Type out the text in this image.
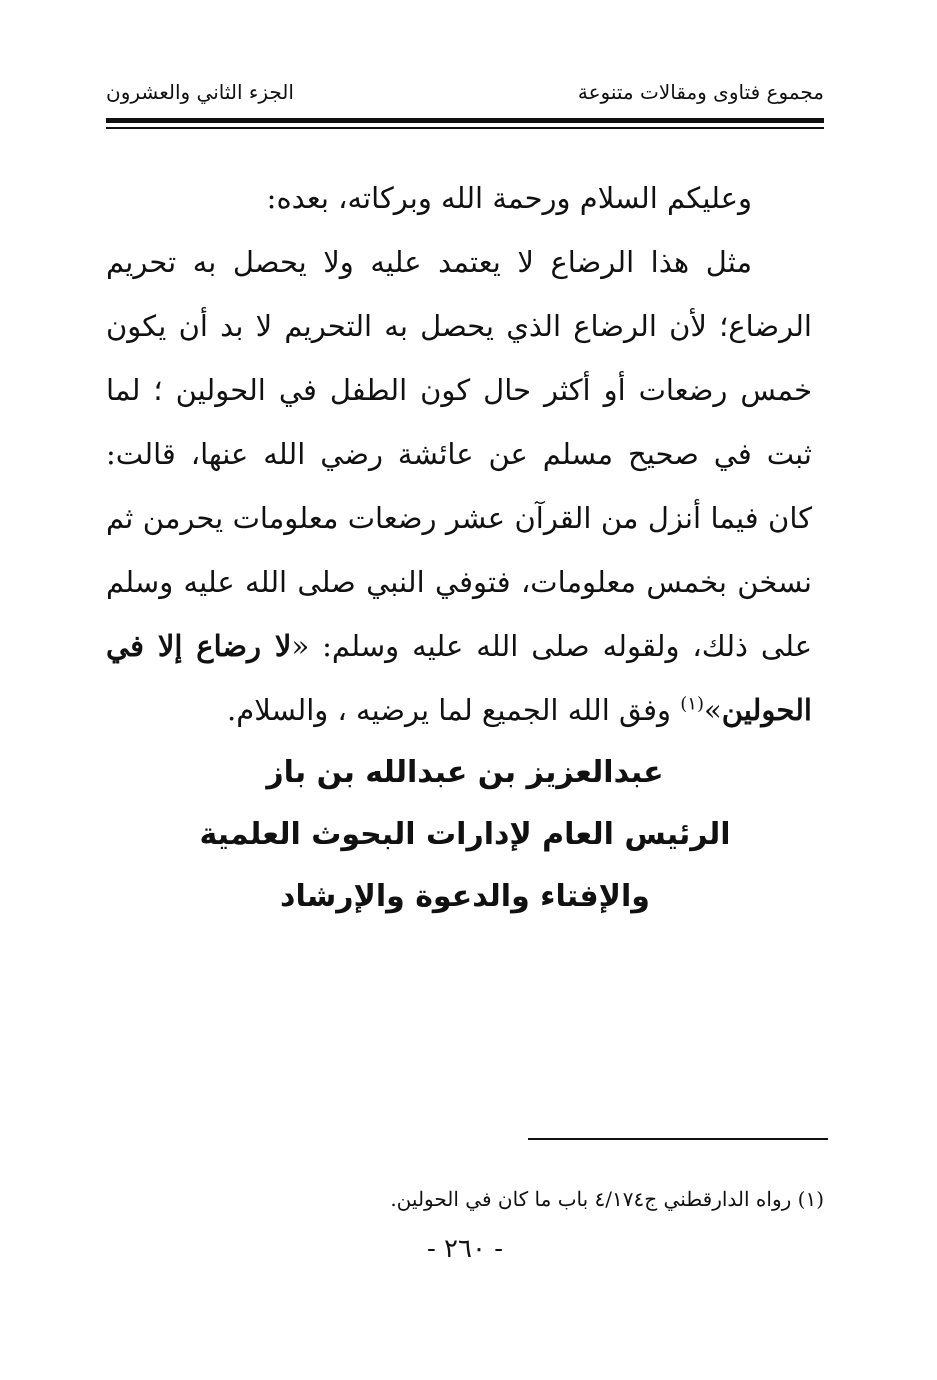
مجموع فتاوى ومقالات متنوعة
الجزء الثاني والعشرون

وعليكم السلام ورحمة الله وبركاته، بعده:

مثل هذا الرضاع لا يعتمد عليه ولا يحصل به تحريم الرضاع؛ لأن الرضاع الذي يحصل به التحريم لا بد أن يكون خمس رضعات أو أكثر حال كون الطفل في الحولين ؛ لما ثبت في صحيح مسلم عن عائشة رضي الله عنها، قالت: كان فيما أنزل من القرآن عشر رضعات معلومات يحرمن ثم نسخن بخمس معلومات، فتوفي النبي صلى الله عليه وسلم على ذلك، ولقوله صلى الله عليه وسلم: «لا رضاع إلا في الحولين»$^{(١)}$ وفق الله الجميع لما يرضيه ، والسلام.

عبدالعزيز بن عبدالله بن باز
الرئيس العام لإدارات البحوث العلمية
والإفتاء والدعوة والإرشاد
(١) رواه الدارقطني ج٤/١٧٤ باب ما كان في الحولين.
- ٢٦٠ -
